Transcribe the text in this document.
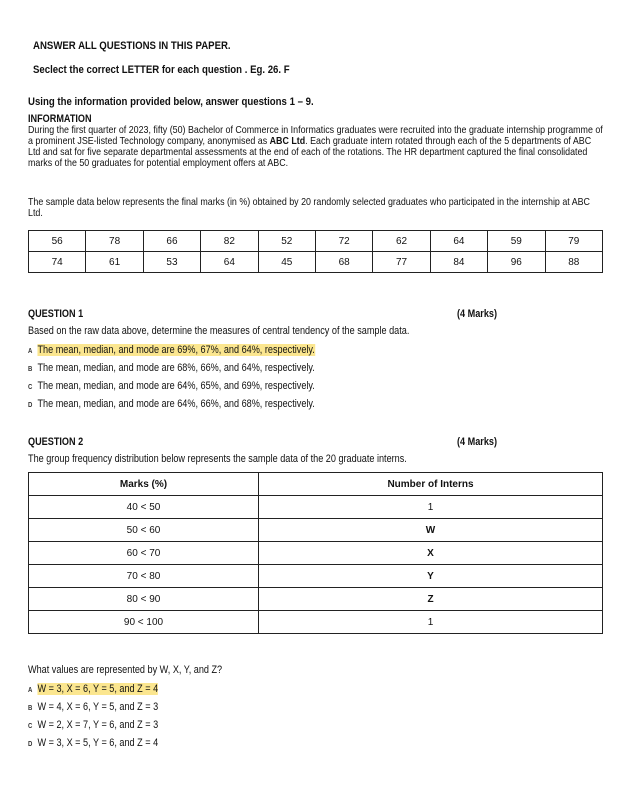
ANSWER ALL QUESTIONS IN THIS PAPER.
Seclect the correct LETTER for each question . Eg. 26. F
Using the information provided below, answer questions 1 – 9.
INFORMATION
During the first quarter of 2023, fifty (50) Bachelor of Commerce in Informatics graduates were recruited into the graduate internship programme of a prominent JSE-listed Technology company, anonymised as ABC Ltd. Each graduate intern rotated through each of the 5 departments of ABC Ltd and sat for five separate departmental assessments at the end of each of the rotations. The HR department captured the final consolidated marks of the 50 graduates for potential employment offers at ABC.
The sample data below represents the final marks (in %) obtained by 20 randomly selected graduates who participated in the internship at ABC Ltd.
56	78	66	82	52	72	62	64	59	79
74	61	53	64	45	68	77	84	96	88
QUESTION 1	(4 Marks)
Based on the raw data above, determine the measures of central tendency of the sample data.
A The mean, median, and mode are 69%, 67%, and 64%, respectively.
B The mean, median, and mode are 68%, 66%, and 64%, respectively.
C The mean, median, and mode are 64%, 65%, and 69%, respectively.
D The mean, median, and mode are 64%, 66%, and 68%, respectively.
QUESTION 2	(4 Marks)
The group frequency distribution below represents the sample data of the 20 graduate interns.
Marks (%)	Number of Interns
40 < 50	1
50 < 60	W
60 < 70	X
70 < 80	Y
80 < 90	Z
90 < 100	1
What values are represented by W, X, Y, and Z?
A W = 3, X = 6, Y = 5, and Z = 4
B W = 4, X = 6, Y = 5, and Z = 3
C W = 2, X = 7, Y = 6, and Z = 3
D W = 3, X = 5, Y = 6, and Z = 4
